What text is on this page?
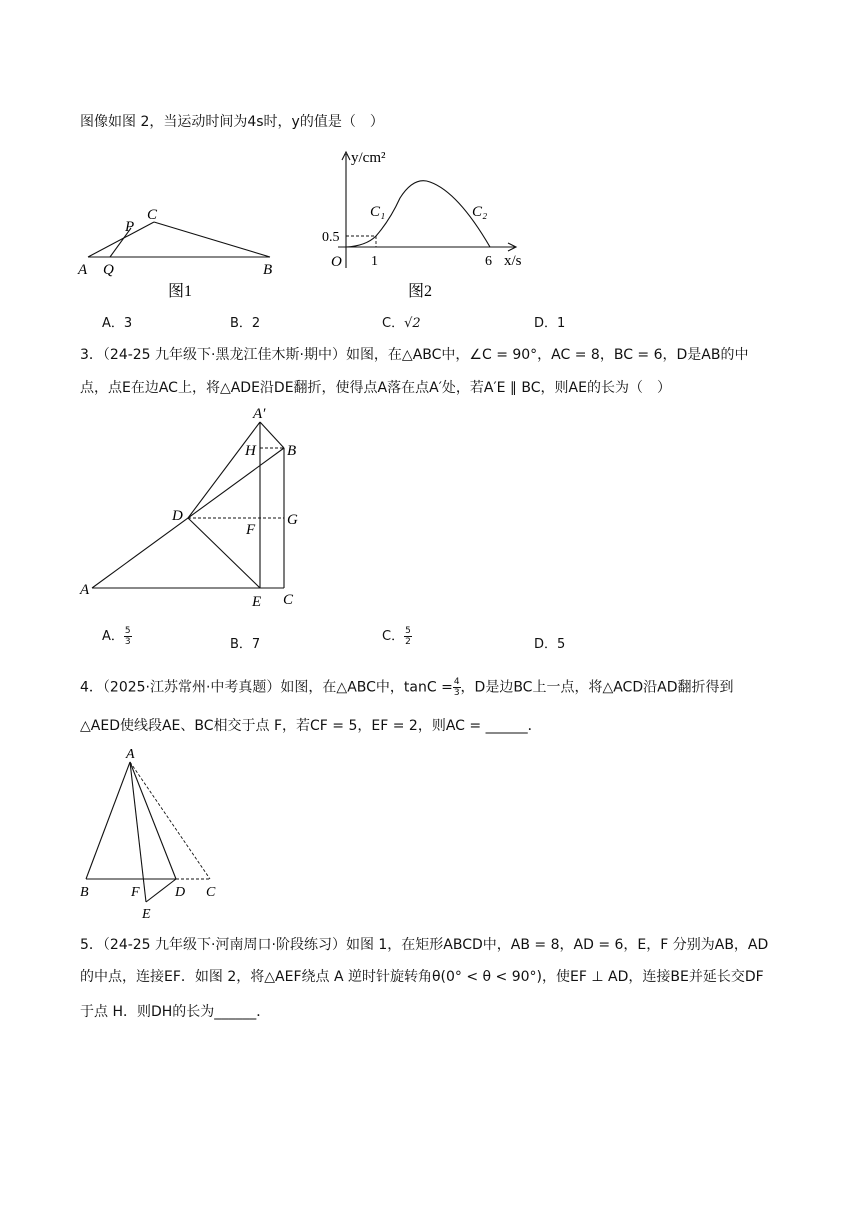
图像如图 2，当运动时间为4s时，y的值是（　）
A Q
P
C
B
图1
y/cm²
x/s
O
0.5
1	6
C₁	C₂
图2
A．3	B．2	C．√2	D．1
3．（24-25 九年级下·黑龙江佳木斯·期中）如图，在△ABC中，∠C = 90°，AC = 8，BC = 6，D是AB的中
点，点E在边AC上，将△ADE沿DE翻折，使得点A落在点A′处，若A′E ∥ BC，则AE的长为（　）
A′
H B
D
F
G
A
E C
A． $\frac{5}{3}$	B．7
C． $\frac{5}{2}$	D．5
4．（2025·江苏常州·中考真题）如图，在△ABC中，$\tan C = \frac{4}{3}$ ，D是边BC上一点，将△ACD沿AD翻折得到
△AED使线段AE、BC相交于点 F，若CF = 5，EF = 2，则AC = ______．
A
B	F	D C
E
5．（24-25 九年级下·河南周口·阶段练习）如图 1，在矩形ABCD中，AB = 8，AD = 6，E，F 分别为AB，AD
的中点，连接EF．如图 2，将△AEF绕点 A 逆时针旋转角θ(0° < θ < 90°)，使EF ⊥ AD，连接BE并延长交DF
于点 H．则DH的长为______．
